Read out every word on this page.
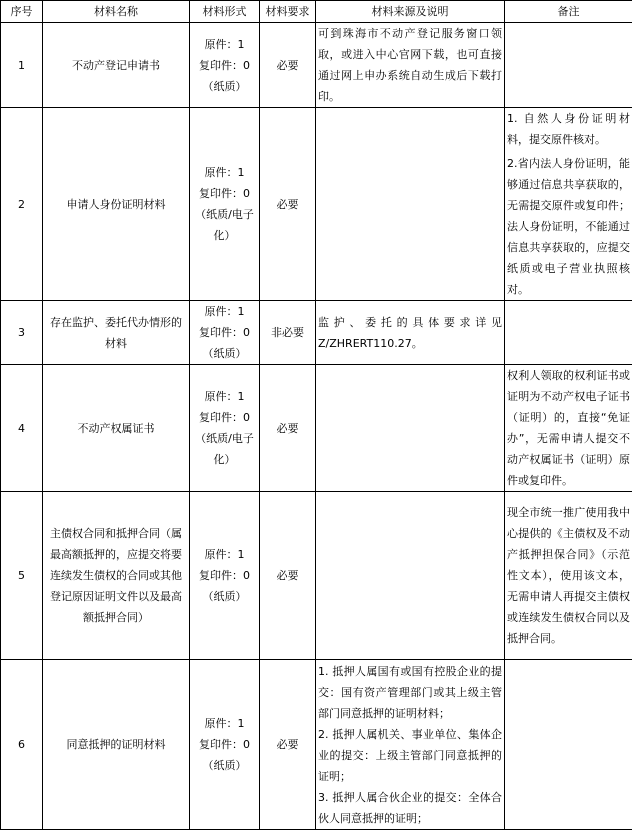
序号	材料名称	材料形式	材料要求	材料来源及说明	备注
1	不动产登记申请书	原件：1
复印件：0
（纸质）	必要	可到珠海市不动产登记服务窗口领取，或进入中心官网下载，也可直接通过网上申办系统自动生成后下载打印。	
2	申请人身份证明材料	原件：1
复印件：0
（纸质/电子化）	必要		1. 自然人身份证明材料，提交原件核对。
2.省内法人身份证明，能够通过信息共享获取的，无需提交原件或复印件；法人身份证明，不能通过信息共享获取的，应提交纸质或电子营业执照核对。

3	存在监护、委托代办情形的材料	原件：1
复印件：0
（纸质）	非必要	监护、委托的具体要求详见Z/ZHRERT110.27。	
4	不动产权属证书	原件：1
复印件：0
（纸质/电子化）	必要		权利人领取的权利证书或证明为不动产权电子证书（证明）的，直接“免证办”，无需申请人提交不动产权属证书（证明）原件或复印件。

5	主债权合同和抵押合同（属最高额抵押的，应提交将要连续发生债权的合同或其他登记原因证明文件以及最高额抵押合同）	原件：1
复印件：0
（纸质）	必要		现全市统一推广使用我中心提供的《主债权及不动产抵押担保合同》（示范性文本），使用该文本，无需申请人再提交主债权或连续发生债权合同以及抵押合同。

6	同意抵押的证明材料	原件：1
复印件：0
（纸质）	必要	1. 抵押人属国有或国有控股企业的提交：国有资产管理部门或其上级主管部门同意抵押的证明材料；
2. 抵押人属机关、事业单位、集体企业的提交：上级主管部门同意抵押的证明；
3. 抵押人属合伙企业的提交：全体合伙人同意抵押的证明；	
